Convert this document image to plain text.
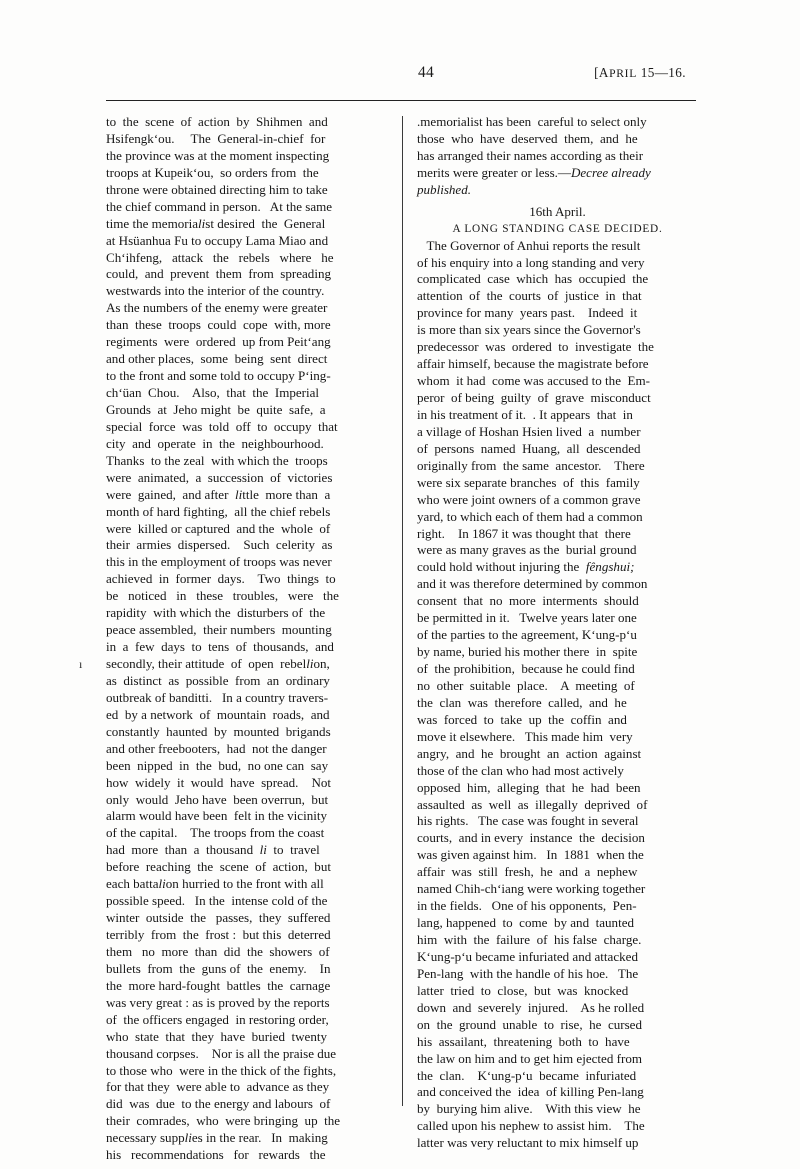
44	[APRIL 15—16.
ı
to  the  scene  of  action  by  Shihmen  and
Hsifengk‘ou.     The  General-in-chief  for
the province was at the moment inspecting
troops at Kupeik‘ou,  so orders from  the
throne were obtained directing him to take
the chief command in person.   At the same
time the memorialist desired  the  General
at Hsüanhua Fu to occupy Lama Miao and
Ch‘ihfeng,   attack   the   rebels   where   he
could,  and  prevent  them  from  spreading
westwards into the interior of the country.
As the numbers of the enemy were greater
than  these  troops  could  cope  with, more
regiments  were  ordered  up from Peit‘ang
and other places,  some  being  sent  direct
to the front and some told to occupy P‘ing-
ch‘üan  Chou.    Also,  that  the  Imperial
Grounds  at  Jeho might  be  quite  safe,  a
special  force  was  told  off  to  occupy  that
city  and  operate  in  the  neighbourhood.
Thanks  to the zeal  with which the  troops
were  animated,  a  succession  of  victories
were  gained,  and after  little  more than  a
month of hard fighting,  all the chief rebels
were  killed or captured  and the  whole  of
their  armies  dispersed.    Such  celerity  as
this in the employment of troops was never
achieved  in  former  days.    Two  things  to
be   noticed   in   these   troubles,   were   the
rapidity  with which the  disturbers of  the
peace assembled,  their numbers  mounting
in  a  few  days  to  tens  of  thousands,  and
secondly, their attitude  of  open  rebellion,
as  distinct  as  possible  from  an  ordinary
outbreak of banditti.   In a country travers-
ed  by a network  of  mountain  roads,  and
constantly  haunted  by  mounted  brigands
and other freebooters,  had  not the danger
been  nipped  in  the  bud,  no one can  say
how  widely  it  would  have  spread.    Not
only  would  Jeho have  been overrun,  but
alarm would have been  felt in the vicinity
of the capital.    The troops from the coast
had  more  than  a  thousand  li  to  travel
before  reaching  the  scene  of  action,  but
each battalion hurried to the front with all
possible speed.   In the  intense cold of the
winter  outside  the   passes,  they  suffered
terribly  from  the  frost :  but this  deterred
them   no  more  than  did  the  showers  of
bullets  from  the  guns of  the  enemy.    In
the  more hard-fought  battles  the  carnage
was very great : as is proved by the reports
of  the officers engaged  in restoring order,
who  state  that  they  have  buried  twenty
thousand corpses.    Nor is all the praise due
to those who  were in the thick of the fights,
for that they  were able to  advance as they
did  was  due  to the energy and labours  of
their  comrades,  who  were bringing  up  the
necessary supplies in the rear.   In  making
his   recommendations   for   rewards   the
.memorialist has been  careful to select only
those  who  have  deserved  them,  and  he
has arranged their names according as their
merits were greater or less.—Decree already
published.
16th April.
A LONG STANDING CASE DECIDED.
The Governor of Anhui reports the result
of his enquiry into a long standing and very
complicated  case  which  has  occupied  the
attention  of  the  courts  of  justice  in  that
province for many  years past.    Indeed  it
is more than six years since the Governor's
predecessor  was  ordered  to  investigate  the
affair himself, because the magistrate before
whom  it had  come was accused to the  Em-
peror  of being  guilty  of  grave  misconduct
in his treatment of it.  . It appears  that  in
a village of Hoshan Hsien lived  a  number
of  persons  named  Huang,  all  descended
originally from  the same  ancestor.    There
were six separate branches  of  this  family
who were joint owners of a common grave
yard, to which each of them had a common
right.    In 1867 it was thought that  there
were as many graves as the  burial ground
could hold without injuring the  fêngshui;
and it was therefore determined by common
consent  that  no  more  interments  should
be permitted in it.   Twelve years later one
of the parties to the agreement, K‘ung-p‘u
by name, buried his mother there  in  spite
of  the prohibition,  because he could find
no  other  suitable  place.    A  meeting  of
the  clan  was  therefore  called,  and  he
was  forced  to  take  up  the  coffin  and
move it elsewhere.   This made him  very
angry,  and  he  brought  an  action  against
those of the clan who had most actively
opposed  him,  alleging  that  he  had  been
assaulted  as  well  as  illegally  deprived  of
his rights.   The case was fought in several
courts,  and in every  instance  the  decision
was given against him.   In  1881  when the
affair  was  still  fresh,  he  and  a  nephew
named Chih-ch‘iang were working together
in the fields.   One of his opponents,  Pen-
lang, happened  to  come  by and  taunted
him  with  the  failure  of  his false  charge.
K‘ung-p‘u became infuriated and attacked
Pen-lang  with the handle of his hoe.   The
latter  tried  to  close,  but  was  knocked
down  and  severely  injured.    As he rolled
on  the  ground  unable  to  rise,  he  cursed
his  assailant,  threatening  both  to  have
the law on him and to get him ejected from
the  clan.    K‘ung-p‘u  became  infuriated
and conceived the  idea  of killing Pen-lang
by  burying him alive.    With this view  he
called upon his nephew to assist him.    The
latter was very reluctant to mix himself up
